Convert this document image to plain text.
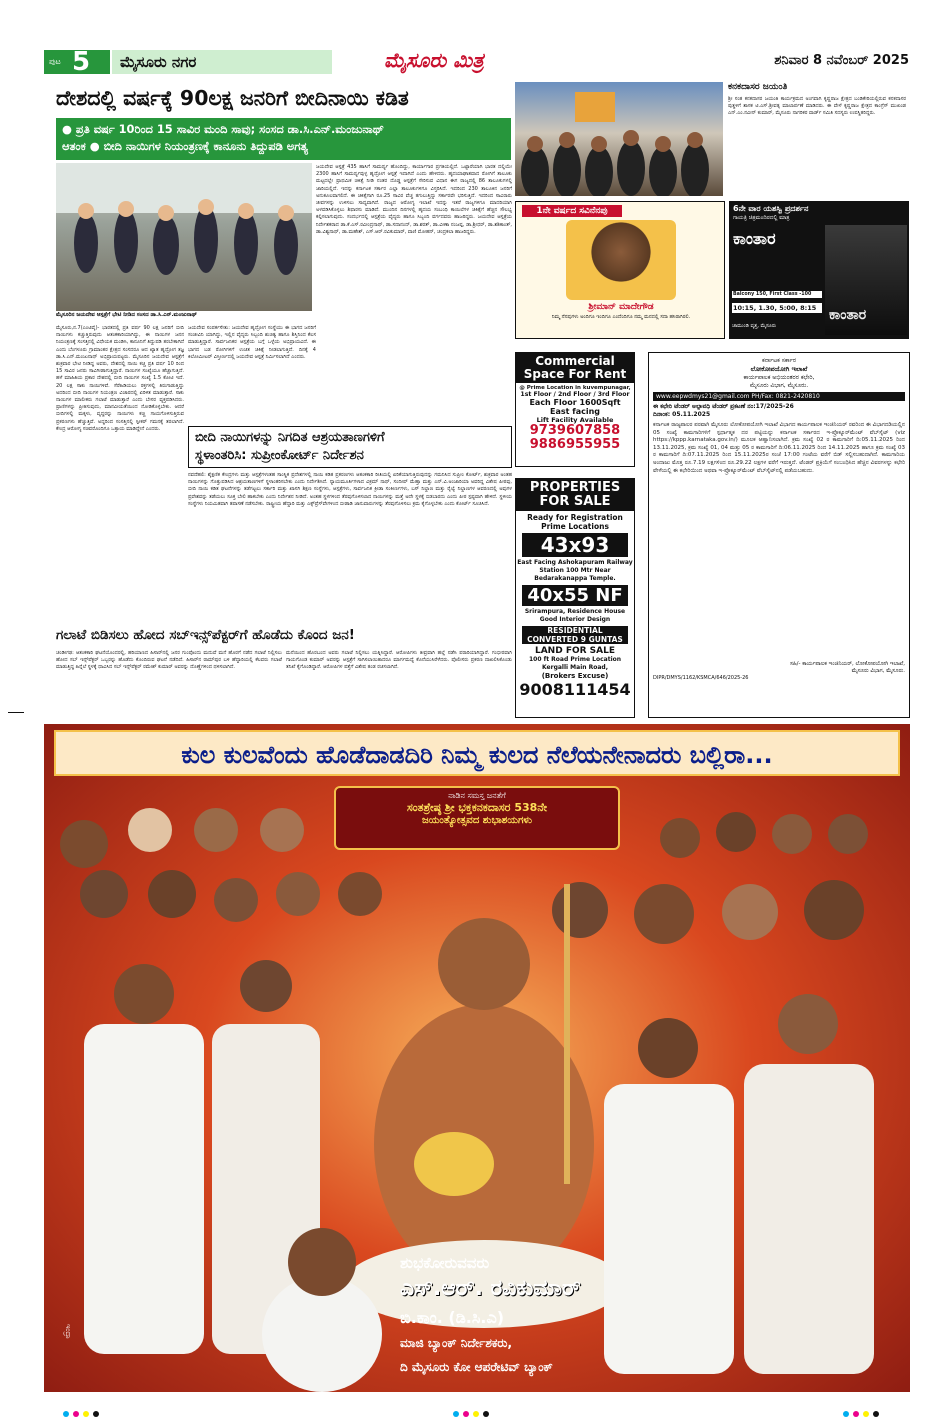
ಪುಟ 5 ಮೈಸೂರು ನಗರ	ಮೈಸೂರು ಮಿತ್ರ	ಶನಿವಾರ 8 ನವೆಂಬರ್ 2025
ದೇಶದಲ್ಲಿ ವರ್ಷಕ್ಕೆ 90ಲಕ್ಷ ಜನರಿಗೆ ಬೀದಿನಾಯಿ ಕಡಿತ
● ಪ್ರತಿ ವರ್ಷ 10ರಿಂದ 15 ಸಾವಿರ ಮಂದಿ ಸಾವು; ಸಂಸದ ಡಾ.ಸಿ.ಎನ್.ಮಂಜುನಾಥ್
ಆತಂಕ ● ಬೀದಿ ನಾಯಿಗಳ ನಿಯಂತ್ರಣಕ್ಕೆ ಕಾನೂನು ತಿದ್ದುಪಡಿ ಅಗತ್ಯ
ಮೈಸೂರಿನ ಜಯದೇವ ಆಸ್ಪತ್ರೆಗೆ ಭೇಟಿ ನೀಡಿದ ಸಂಸದ ಡಾ.ಸಿ.ಎನ್.ಮಂಜುನಾಥ್
ಜಯದೇವ ಆಸ್ಪತ್ರೆ 435 ಹಾಸಿಗೆ ಸಾಮರ್ಥ್ಯ ಹೊಂದಿದ್ದು, ಕಾರ್ಯಾಗಾರ ಪ್ರಗತಿಯಲ್ಲಿದೆ. ಒಟ್ಟಾರೆಯಾಗಿ ಭಾರತ ದಲ್ಲಿಯೇ 2300 ಹಾಸಿಗೆ ಸಾಮರ್ಥ್ಯವುಳ್ಳ ಹೃದ್ರೋಗ ಆಸ್ಪತ್ರೆ ಇದಾಗಿದೆ ಎಂದು ಹೇಳಿದರು. ಹೃದಯಾಘಾತವಾದ ರೋಗಿಗೆ ತಾಲೂಕು ಮಟ್ಟದಲ್ಲೇ ಪ್ರಾಥಮಿಕ ಚಿಕಿತ್ಸೆ ನೀಡಿ ನಂತರ ದೊಡ್ಡ ಆಸ್ಪತ್ರೆಗೆ ಸೇರಿಸುವ ವಿಧಾನ ಈಗ ರಾಜ್ಯದಲ್ಲಿ 86 ತಾಲೂಕುಗಳಲ್ಲಿ ಜಾರಿಯಲ್ಲಿದೆ. ಇದನ್ನು ಕರ್ನಾಟಕ ಸರ್ಕಾರ ಎಲ್ಲಾ ತಾಲೂಕುಗಳಿಗೂ ವಿಸ್ತರಿಸಿದೆ. ಇದರಿಂದ 230 ತಾಲೂಕಿನ ಜನರಿಗೆ ಅನುಕೂಲವಾಗಲಿದೆ. ಈ ಚಿಕಿತ್ಸೆಗಾಗಿ ರೂ.25 ಸಾವಿರ ವೆಚ್ಚ ತಗುಲುತ್ತಿದ್ದು ಸರ್ಕಾರವೇ ಭರಿಸುತ್ತಿದೆ. ಇದರಿಂದ ಸಾವಿರಾರು ಜೀವಗಳನ್ನು ಉಳಿಸಲು ಸಾಧ್ಯವಾಗಿದೆ. ರಾಜ್ಯದ ಆರೋಗ್ಯ ಇಲಾಖೆ ಇದನ್ನು ಇತರೆ ರಾಜ್ಯಗಳಿಗೂ ಮಾದರಿಯಾಗಿ ಅಳವಡಿಸಿಕೊಳ್ಳಲು ಶಿಫಾರಸು ಮಾಡಿದೆ. ಮುಂದಿನ ದಿನಗಳಲ್ಲಿ ಹೃದಯ ಸಂಬಂಧಿ ಕಾಯಿಲೆಗಳ ಚಿಕಿತ್ಸೆಗೆ ಹೆಚ್ಚಿನ ಸೌಲಭ್ಯ ಕಲ್ಪಿಸಲಾಗುವುದು. ಸಂದರ್ಭದಲ್ಲಿ ಆಸ್ಪತ್ರೆಯ ವೈದ್ಯರು ಹಾಗೂ ಸಿಬ್ಬಂದಿ ವರ್ಗದವರು ಹಾಜರಿದ್ದರು. ಜಯದೇವ ಆಸ್ಪತ್ರೆಯ ನಿರ್ದೇಶಕರಾದ ಡಾ.ಕೆ.ಎಸ್.ರವೀಂದ್ರನಾಥ್, ಡಾ.ಸದಾನಂದ್, ಡಾ.ಶರತ್, ಡಾ.ವೀಣಾ ನಂಜಪ್ಪ, ಡಾ.ಶ್ರೀಧರ್, ಡಾ.ಶಶಿಕಾಂತ್, ಡಾ.ವಿಶ್ವನಾಥ್, ಡಾ.ಮಹೇಶ್, ಎಸ್.ಆರ್.ರವಿಕುಮಾರ್, ವಾಣಿ ಮೋಹನ್, ಚಂದ್ರಕಲಾ ಹಾಜರಿದ್ದರು.
ಮೈಸೂರು,ನ.7(ಎಂಟಿವೈ)- ಭಾರತದಲ್ಲಿ ಪ್ರತಿ ವರ್ಷ 90 ಲಕ್ಷ ಜನರಿಗೆ ಬೀದಿ ನಾಯಿಗಳು ಕಚ್ಚುತ್ತಿರುವುದು ಆತಂಕಕಾರಿಯಾಗಿದ್ದು, ಈ ನಾಯಿಗಳ ಜನನ ನಿಯಂತ್ರಣಕ್ಕೆ ಸಂಸತ್ತಿನಲ್ಲಿ ವಿಧೇಯಕ ಮಂಡಿಸಿ, ಕಾನೂನಿಗೆ ತಿದ್ದುಪಡಿ ತರಬೇಕಾಗಿದೆ ಎಂದು ಬೆಂಗಳೂರು ಗ್ರಾಮಾಂತರ ಕ್ಷೇತ್ರದ ಸಂಸದರೂ ಆದ ಖ್ಯಾತ ಹೃದ್ರೋಗ ತಜ್ಞ ಡಾ.ಸಿ.ಎನ್.ಮಂಜುನಾಥ್ ಅಭಿಪ್ರಾಯಪಟ್ಟರು. ಮೈಸೂರಿನ ಜಯದೇವ ಆಸ್ಪತ್ರೆಗೆ ಶುಕ್ರವಾರ ಭೇಟಿ ನೀಡಿದ್ದ ಅವರು, ದೇಶದಲ್ಲಿ ನಾಯಿ ಕಚ್ಚಿ ಪ್ರತಿ ವರ್ಷ 10 ರಿಂದ 15 ಸಾವಿರ ಜನರು ಸಾವಿಗೀಡಾಗುತ್ತಿದ್ದಾರೆ. ನಾಯಿಗಳ ಸಂಖ್ಯೆಯೂ ಹೆಚ್ಚಾಗುತ್ತಿದೆ. ಹಳೆ ಮಾಹಿತಿಯ ಪ್ರಕಾರ ದೇಶದಲ್ಲಿ ಬೀದಿ ನಾಯಿಗಳ ಸಂಖ್ಯೆ 1.5 ಕೋಟಿ ಇದೆ. 20 ಲಕ್ಷ ಸಾಕು ನಾಯಿಗಳಿವೆ. ಸೆರೆಹಿಡಿಯಲು ರಕ್ತಗಳಲ್ಲಿ ತಿರುಗಾಡುತ್ತಿದ್ದು ಅದರಿಂದ ಬೀದಿ ನಾಯಿಗಳ ನಿಯಂತ್ರಣ ವಿಚಾರದಲ್ಲಿ ಏರಿಳಿತ ಮಾಡುತ್ತಾರೆ. ಸಾಕು ನಾಯಿಗಳ ಮಾಲೀಕರು ಗಲಾಟೆ ಮಾಡುತ್ತಾರೆ ಎಂದು ಬೇಸರ ವ್ಯಕ್ತಪಡಿಸಿದರು. ಪ್ರಾಣಿಗಳನ್ನು ಪ್ರೀತಿಸುವುದು, ಮಾನವೀಯತೆಯಿಂದ ನೋಡಿಕೊಳ್ಳಬೇಕು. ಆದರೆ ಬೀದಿಗಳಲ್ಲಿ ಮಕ್ಕಳು, ವೃದ್ಧರನ್ನು ನಾಯಿಗಳು ಕಚ್ಚಿ ಗಾಯಗೊಳಿಸುತ್ತಿರುವ ಪ್ರಕರಣಗಳು ಹೆಚ್ಚುತ್ತಿವೆ. ಅದ್ದರಿಂದ ಸಂಸತ್ತಿನಲ್ಲಿ ಸ್ಪೀಕರ್ ಗಮನಕ್ಕೆ ತರಲಾಗಿದೆ. ಕೇಂದ್ರ ಆರೋಗ್ಯ ಸಚಿವರೊಂದಿಗೂ ಒತ್ತಾಯ ಮಾಡಿದ್ದೇನೆ ಎಂದರು.
ಜಯದೇವ ಸಂಪರ್ಕಸೇತು: ಜಯದೇವ ಹೃದ್ರೋಗ ಸಂಸ್ಥೆಯು ಈ ಭಾಗದ ಜನರಿಗೆ ಸಂಜೀವಿನಿ ಯಾಗಿದ್ದು, ಇಲ್ಲಿನ ವೈದ್ಯರು ಸಿಬ್ಬಂದಿ ಶುಚಿತ್ವ ಹಾಗೂ ಶಿಸ್ತಿನಿಂದ ಕೆಲಸ ಮಾಡುತ್ತಿದ್ದಾರೆ. ಸಾರ್ವಜನಿಕರ ಆಸ್ಪತ್ರೆಯ ಬಗ್ಗೆ ಒಳ್ಳೆಯ ಅಭಿಪ್ರಾಯವಿದೆ. ಈ ಭಾಗದ ಬಡ ರೋಗಿಗಳಿಗೆ ಉಚಿತ ಚಿಕಿತ್ಸೆ ನೀಡಲಾಗುತ್ತಿದೆ. ದಿನಕ್ಕೆ 4 ಕಿಲೋಮೀಟರ್ ವಿಸ್ತೀರ್ಣದಲ್ಲಿ ಜಯದೇವ ಆಸ್ಪತ್ರೆ ನಿರ್ಮಿಸಲಾಗಿದೆ ಎಂದರು.
ಕನಕದಾಸರ ಜಯಂತಿ
ಶ್ರೀ ಸಂತ ಕನಕದಾಸರ ಜಯಂತಿ ಕಾರ್ಯಕ್ರಮದ ಅಂಗವಾಗಿ ಕೃಷ್ಣರಾಜ ಕ್ಷೇತ್ರದ ಬಂಡಿಕೇರಿಯಲ್ಲಿರುವ ಕನಕದಾಸರ ಪುತ್ಥಳಿಗೆ ಶಾಸಕ ಟಿ.ಎಸ್.ಶ್ರೀವತ್ಸ ಮಾಲಾರ್ಪಣೆ ಮಾಡಿದರು. ಈ ವೇಳೆ ಕೃಷ್ಣರಾಜ ಕ್ಷೇತ್ರದ ಕಾಂಗ್ರೆಸ್ ಮುಖಂಡ ಎನ್.ಎಂ.ನವೀನ್ ಕುಮಾರ್, ಮೈಸೂರು ನಾಗರಿಕರ ವಾರ್ಡ್ ಸಮಿತಿ ಸದಸ್ಯರು ಉಪಸ್ಥಿತರಿದ್ದರು.
1ನೇ ವರ್ಷದ ಸವಿನೆನಪು
ಶ್ರೀಮಾನ್ ಮಾದೇಗೌಡ
ನಿಮ್ಮ ನೆನಪುಗಳು ಅಂದಿಗೂ ಇಂದಿಗೂ ಎಂದೆಂದಿಗೂ ನಮ್ಮ ಮನದಲ್ಲಿ ಸದಾ ಹಸಿರಾಗಿರಲಿ.
6ನೇ ವಾರ ಯಶಸ್ವಿ ಪ್ರದರ್ಶನ
ಗಾಯತ್ರಿ ಚಿತ್ರಮಂದಿರದಲ್ಲಿ ಮಾತ್ರ
ಕಾಂತಾರ
ಕಾಂತಾರ
Balcony 150, First Class -100
10:15, 1.30, 5:00, 8:15
ಚಾಮುಂಡಿ ವೃತ್ತ, ಮೈಸೂರು
Commercial Space For Rent
@ Prime Location in kuvempunagar,
1st Floor / 2nd Floor / 3rd Floor
Each Floor 1600Sqft
East facing
Lift Facility Available
9739607858
9886955955
PROPERTIES FOR SALE
Ready for Registration Prime Locations
43x93
East Facing Ashokapuram Railway Station 100 Mtr Near Bedarakanappa Temple.
40x55 NF
Srirampura, Residence House Good Interior Design
RESIDENTIAL CONVERTED 9 GUNTAS
LAND FOR SALE
100 ft Road Prime Location Kergalli Main Road,
(Brokers Excuse)
9008111454
ಕರ್ನಾಟಕ ಸರ್ಕಾರ
ಲೋಕೋಪಯೋಗಿ ಇಲಾಖೆ
ಕಾರ್ಯಪಾಲಕ ಅಭಿಯಂತರರ ಕಛೇರಿ,
ಮೈಸೂರು ವಿಭಾಗ, ಮೈಸೂರು.
www.eepwdmys21@gmail.com PH/Fax: 0821-2420810
ಈ ಕಛೇರಿ ಟೆಂಡರ್ ಅಲ್ಪಾವಧಿ ಟೆಂಡರ್ ಪ್ರಕಟಣೆ ನಂ:17/2025-26
ದಿನಾಂಕ: 05.11.2025
ಕರ್ನಾಟಕ ರಾಜ್ಯಪಾಲರ ಪರವಾಗಿ ಮೈಸೂರು ಲೋಕೋಪಯೋಗಿ ಇಲಾಖೆ ವಿಭಾಗದ ಕಾರ್ಯಪಾಲಕ ಇಂಜಿನಿಯರ್ ರವರಿಂದ ಈ ವಿಭಾಗದಡಿಯಲ್ಲಿನ 05 ಸಂಖ್ಯೆ ಕಾಮಗಾರಿಗಳಿಗೆ ಸ್ಪರ್ಧಾತ್ಮಕ ದರ ಪಟ್ಟಿಯನ್ನು ಕರ್ನಾಟಕ ಸರ್ಕಾರದ ಇ-ಪ್ರೊಕ್ಯೂರ್‌ಮೆಂಟ್ ವೆಬ್‌ಸೈಟ್ (viz https://kppp.karnataka.gov.in/) ಮೂಲಕ ಆಹ್ವಾನಿಸಲಾಗಿದೆ. ಕ್ರಮ ಸಂಖ್ಯೆ 02 ರ ಕಾಮಗಾರಿಗೆ ದಿ:05.11.2025 ರಿಂದ 13.11.2025, ಕ್ರಮ ಸಂಖ್ಯೆ 01, 04 ಮತ್ತು 05 ರ ಕಾಮಗಾರಿಗೆ ದಿ:06.11.2025 ರಿಂದ 14.11.2025 ಹಾಗೂ ಕ್ರಮ ಸಂಖ್ಯೆ 03 ರ ಕಾಮಗಾರಿಗೆ ದಿ:07.11.2025 ರಿಂದ 15.11.2025ರ ಸಂಜೆ 17:00 ಗಂಟೆಯ ವರೆಗೆ ಬಿಡ್ ಸಲ್ಲಿಸಬಹುದಾಗಿದೆ. ಕಾಮಗಾರಿಯ ಅಂದಾಜು ಮೊತ್ತ ರೂ.7.19 ಲಕ್ಷಗಳಿಂದ ರೂ.29.22 ಲಕ್ಷಗಳ ವರೆಗೆ ಇರುತ್ತದೆ. ಟೆಂಡರ್ ಪ್ರಕ್ರಿಯೆಗೆ ಸಂಬಂಧಿಸಿದ ಹೆಚ್ಚಿನ ವಿವರಗಳನ್ನು ಕಛೇರಿ ವೇಳೆಯಲ್ಲಿ ಈ ಕಛೇರಿಯಿಂದ ಅಥವಾ ಇ-ಪ್ರೊಕ್ಯೂರ್‌ಮೆಂಟ್ ವೆಬ್‌ಸೈಟ್‌ನಲ್ಲಿ ಪಡೆಯಬಹುದು.
ಸಹಿ/- ಕಾರ್ಯಪಾಲಕ ಇಂಜಿನಿಯರ್, ಲೋಕೋಪಯೋಗಿ ಇಲಾಖೆ,
ಮೈಸೂರು ವಿಭಾಗ, ಮೈಸೂರು.
DIPR/DMYS/1162/KSMCA/646/2025-26
ಬೀದಿ ನಾಯಿಗಳನ್ನು ನಿಗದಿತ ಆಶ್ರಯತಾಣಗಳಿಗೆ
ಸ್ಥಳಾಂತರಿಸಿ: ಸುಪ್ರೀಂಕೋರ್ಟ್ ನಿರ್ದೇಶನ
ನವದೆಹಲಿ: ಶೈಕ್ಷಣಿಕ ಕೇಂದ್ರಗಳು ಮತ್ತು ಆಸ್ಪತ್ರೆಗಳಂತಹ ಸಾಂಸ್ಥಿಕ ಪ್ರದೇಶಗಳಲ್ಲಿ ನಾಯಿ ಕಡಿತ ಪ್ರಕರಣಗಳು ಆತಂಕಕಾರಿ ರೀತಿಯಲ್ಲಿ ಏರಿಕೆಯಾಗುತ್ತಿರುವುದನ್ನು ಗಮನಿಸಿದ ಸುಪ್ರೀಂ ಕೋರ್ಟ್, ಶುಕ್ರವಾರ ಅಂತಹ ನಾಯಿಗಳನ್ನು ಗೊತ್ತುಪಡಿಸಿದ ಆಶ್ರಯತಾಣಗಳಿಗೆ ಸ್ಥಳಾಂತರಿಸಬೇಕು ಎಂದು ನಿರ್ದೇಶಿಸಿದೆ. ನ್ಯಾಯಮೂರ್ತಿಗಳಾದ ವಿಕ್ರಮ್ ನಾಥ್, ಸಂದೀಪ್ ಮೆಹ್ತಾ ಮತ್ತು ಎನ್.ವಿ.ಅಂಜಾರಿಯಾ ಅವರಿದ್ದ ವಿಶೇಷ ಪೀಠವು, ಬೀದಿ ನಾಯಿ ಕಡಿತ ಘಟನೆಗಳನ್ನು ತಡೆಗಟ್ಟಲು ಸರ್ಕಾರಿ ಮತ್ತು ಖಾಸಗಿ ಶಿಕ್ಷಣ ಸಂಸ್ಥೆಗಳು, ಆಸ್ಪತ್ರೆಗಳು, ಸಾರ್ವಜನಿಕ ಕ್ರೀಡಾ ಸಂಕೀರ್ಣಗಳು, ಬಸ್ ನಿಲ್ದಾಣ ಮತ್ತು ರೈಲ್ವೆ ನಿಲ್ದಾಣಗಳ ಆವರಣದಲ್ಲಿ ಅವುಗಳ ಪ್ರವೇಶವನ್ನು ತಡೆಯಲು ಸೂಕ್ತ ಬೇಲಿ ಹಾಕಬೇಕು ಎಂದು ನಿರ್ದೇಶನ ನೀಡಿದೆ. ಅಂತಹ ಸ್ಥಳಗಳಿಂದ ತೆರವುಗೊಳಿಸಲಾದ ನಾಯಿಗಳನ್ನು ಮತ್ತೆ ಅದೇ ಸ್ಥಳಕ್ಕೆ ಬಿಡಬಾರದು ಎಂದು ಪೀಠ ಸ್ಪಷ್ಟವಾಗಿ ಹೇಳಿದೆ. ಸ್ಥಳೀಯ ಸಂಸ್ಥೆಗಳು ನಿಯಮಿತವಾಗಿ ತಪಾಸಣೆ ನಡೆಸಬೇಕು. ರಾಷ್ಟ್ರೀಯ ಹೆದ್ದಾರಿ ಮತ್ತು ಎಕ್ಸ್‌ಪ್ರೆಸ್‌ವೇಗಳಿಂದ ಬೀಡಾಡಿ ಜಾನುವಾರುಗಳನ್ನು ತೆರವುಗೊಳಿಸಲು ಕ್ರಮ ಕೈಗೊಳ್ಳಬೇಕು ಎಂದು ಕೋರ್ಟ್ ಸೂಚಿಸಿದೆ.
ಗಲಾಟೆ ಬಿಡಿಸಲು ಹೋದ ಸಬ್‌ಇನ್ಸ್‌ಪೆಕ್ಟರ್‌ಗೆ ಹೊಡೆದು ಕೊಂದ ಜನ!
ಚಂಡೀಗಢ: ಆತಂಕಕಾರಿ ಘಟನೆಯೊಂದರಲ್ಲಿ, ಹರಿಯಾಣದ ಹಿಸಾರ್‌ನಲ್ಲಿ ಜನರ ಗುಂಪೊಂದು ಮದುವೆ ಮನೆ ಹೊರಗೆ ನಡೆದ ಗಲಾಟೆ ನಿಲ್ಲಿಸಲು ಹೋದ ಸಬ್ ಇನ್ಸ್‌ಪೆಕ್ಟರ್ ಒಬ್ಬರನ್ನು ಹೊಡೆದು ಕೊಂದಿರುವ ಘಟನೆ ನಡೆದಿದೆ. ಹಿಸಾರ್‌ನ ರಾಮ್‌ಪುರ ಬಳಿ ಹೆದ್ದಾರಿಯಲ್ಲಿ ಕೆಲವರು ಗಲಾಟೆ ಮಾಡುತ್ತಿದ್ದ ಹಿನ್ನೆಲೆ ಸ್ಥಳಕ್ಕೆ ಧಾವಿಸಿದ ಸಬ್ ಇನ್ಸ್‌ಪೆಕ್ಟರ್ ರಮೇಶ್ ಕುಮಾರ್ ಅವರನ್ನು ದೊಣ್ಣೆಗಳಿಂದ ಥಳಿಸಲಾಗಿದೆ.
ಮನೆಯಿಂದ ಹೊರಬಂದ ಅವರು ಗಲಾಟೆ ನಿಲ್ಲಿಸಲು ಯತ್ನಿಸಿದ್ದಾರೆ. ಆರೋಪಿಗಳು ತೀವ್ರವಾಗಿ ಹಲ್ಲೆ ನಡೆಸಿ ಪರಾರಿಯಾಗಿದ್ದಾರೆ. ಗಂಭೀರವಾಗಿ ಗಾಯಗೊಂಡ ಕುಮಾರ್ ಅವರನ್ನು ಆಸ್ಪತ್ರೆಗೆ ಸಾಗಿಸಲಾಯಿತಾದರೂ ಮಾರ್ಗಮಧ್ಯೆ ಕೊನೆಯುಸಿರೆಳೆದರು. ಪೊಲೀಸರು ಪ್ರಕರಣ ದಾಖಲಿಸಿಕೊಂಡು ತನಿಖೆ ಕೈಗೊಂಡಿದ್ದಾರೆ. ಆರೋಪಿಗಳ ಪತ್ತೆಗೆ ವಿಶೇಷ ತಂಡ ರಚಿಸಲಾಗಿದೆ.
ಕುಲ ಕುಲವೆಂದು ಹೊಡೆದಾಡದಿರಿ ನಿಮ್ಮ ಕುಲದ ನೆಲೆಯನೇನಾದರು ಬಲ್ಲಿರಾ...
ನಾಡಿನ ಸಮಸ್ತ ಜನತೆಗೆ
ಸಂತಶ್ರೇಷ್ಠ ಶ್ರೀ ಭಕ್ತಕನಕದಾಸರ 538ನೇ
ಜಯಂತ್ಯೋತ್ಸವದ ಶುಭಾಶಯಗಳು
ಶುಭಕೋರುವವರು
ಎಸ್.ಆರ್. ರವಿಕುಮಾರ್
ಬಿ.ಕಾಂ. (ಡಿ.ಸಿ.ಎ)
ಮಾಜಿ ಬ್ಯಾಂಕ್ ನಿರ್ದೇಶಕರು,
ದಿ ಮೈಸೂರು ಕೋ ಆಪರೇಟಿವ್ ಬ್ಯಾಂಕ್
ಇಂದ್ರಾ
